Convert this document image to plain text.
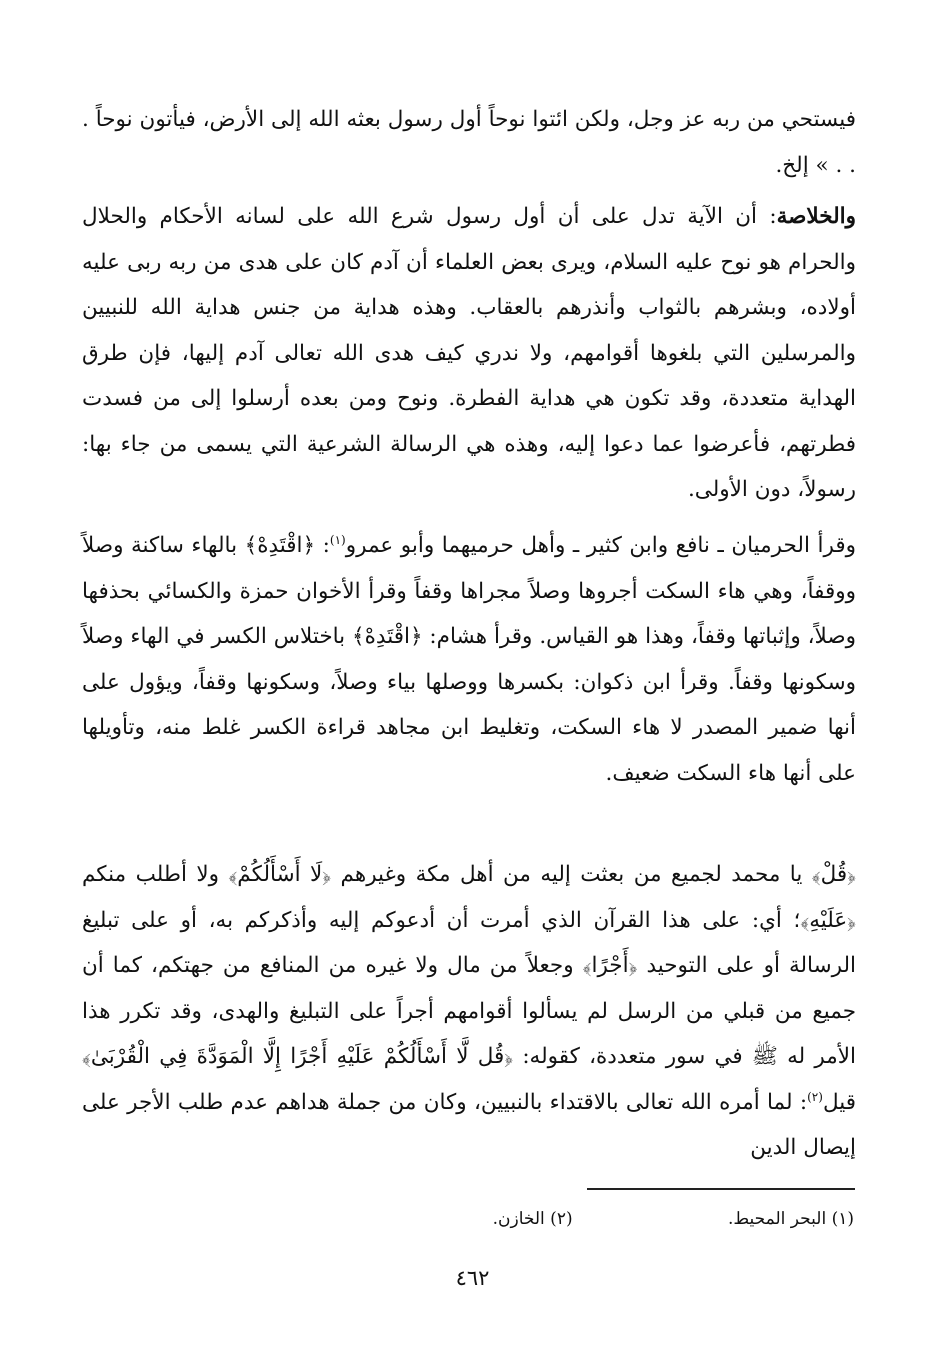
فيستحي من ربه عز وجل، ولكن ائتوا نوحاً أول رسول بعثه الله إلى الأرض، فيأتون نوحاً . . . » إلخ.

والخلاصة: أن الآية تدل على أن أول رسول شرع الله على لسانه الأحكام والحلال والحرام هو نوح عليه السلام، ويرى بعض العلماء أن آدم كان على هدى من ربه ربى عليه أولاده، وبشرهم بالثواب وأنذرهم بالعقاب. وهذه هداية من جنس هداية الله للنبيين والمرسلين التي بلغوها أقوامهم، ولا ندري كيف هدى الله تعالى آدم إليها، فإن طرق الهداية متعددة، وقد تكون هي هداية الفطرة. ونوح ومن بعده أرسلوا إلى من فسدت فطرتهم، فأعرضوا عما دعوا إليه، وهذه هي الرسالة الشرعية التي يسمى من جاء بها: رسولاً، دون الأولى.

وقرأ الحرميان ـ نافع وابن كثير ـ وأهل حرميهما وأبو عمرو$^{(١)}$: ﴿اقْتَدِهْ﴾ بالهاء ساكنة وصلاً ووقفاً، وهي هاء السكت أجروها وصلاً مجراها وقفاً وقرأ الأخوان حمزة والكسائي بحذفها وصلاً، وإثباتها وقفاً، وهذا هو القياس. وقرأ هشام: ﴿اقْتَدِهْ﴾ باختلاس الكسر في الهاء وصلاً وسكونها وقفاً. وقرأ ابن ذكوان: بكسرها ووصلها بياء وصلاً، وسكونها وقفاً، ويؤول على أنها ضمير المصدر لا هاء السكت، وتغليط ابن مجاهد قراءة الكسر غلط منه، وتأويلها على أنها هاء السكت ضعيف.

﴿قُلْ﴾ يا محمد لجميع من بعثت إليه من أهل مكة وغيرهم ﴿لَا أَسْأَلُكُمْ﴾ ولا أطلب منكم ﴿عَلَيْهِ﴾؛ أي: على هذا القرآن الذي أمرت أن أدعوكم إليه وأذكركم به، أو على تبليغ الرسالة أو على التوحيد ﴿أَجْرًا﴾ وجعلاً من مال ولا غيره من المنافع من جهتكم، كما أن جميع من قبلي من الرسل لم يسألوا أقوامهم أجراً على التبليغ والهدى، وقد تكرر هذا الأمر له ﷺ في سور متعددة، كقوله: ﴿قُل لَّا أَسْأَلُكُمْ عَلَيْهِ أَجْرًا إِلَّا الْمَوَدَّةَ فِي الْقُرْبَىٰ﴾ قيل$^{(٢)}$: لما أمره الله تعالى بالاقتداء بالنبيين، وكان من جملة هداهم عدم طلب الأجر على إيصال الدين

(١) البحر المحيط. (٢) الخازن.
٤٦٢
